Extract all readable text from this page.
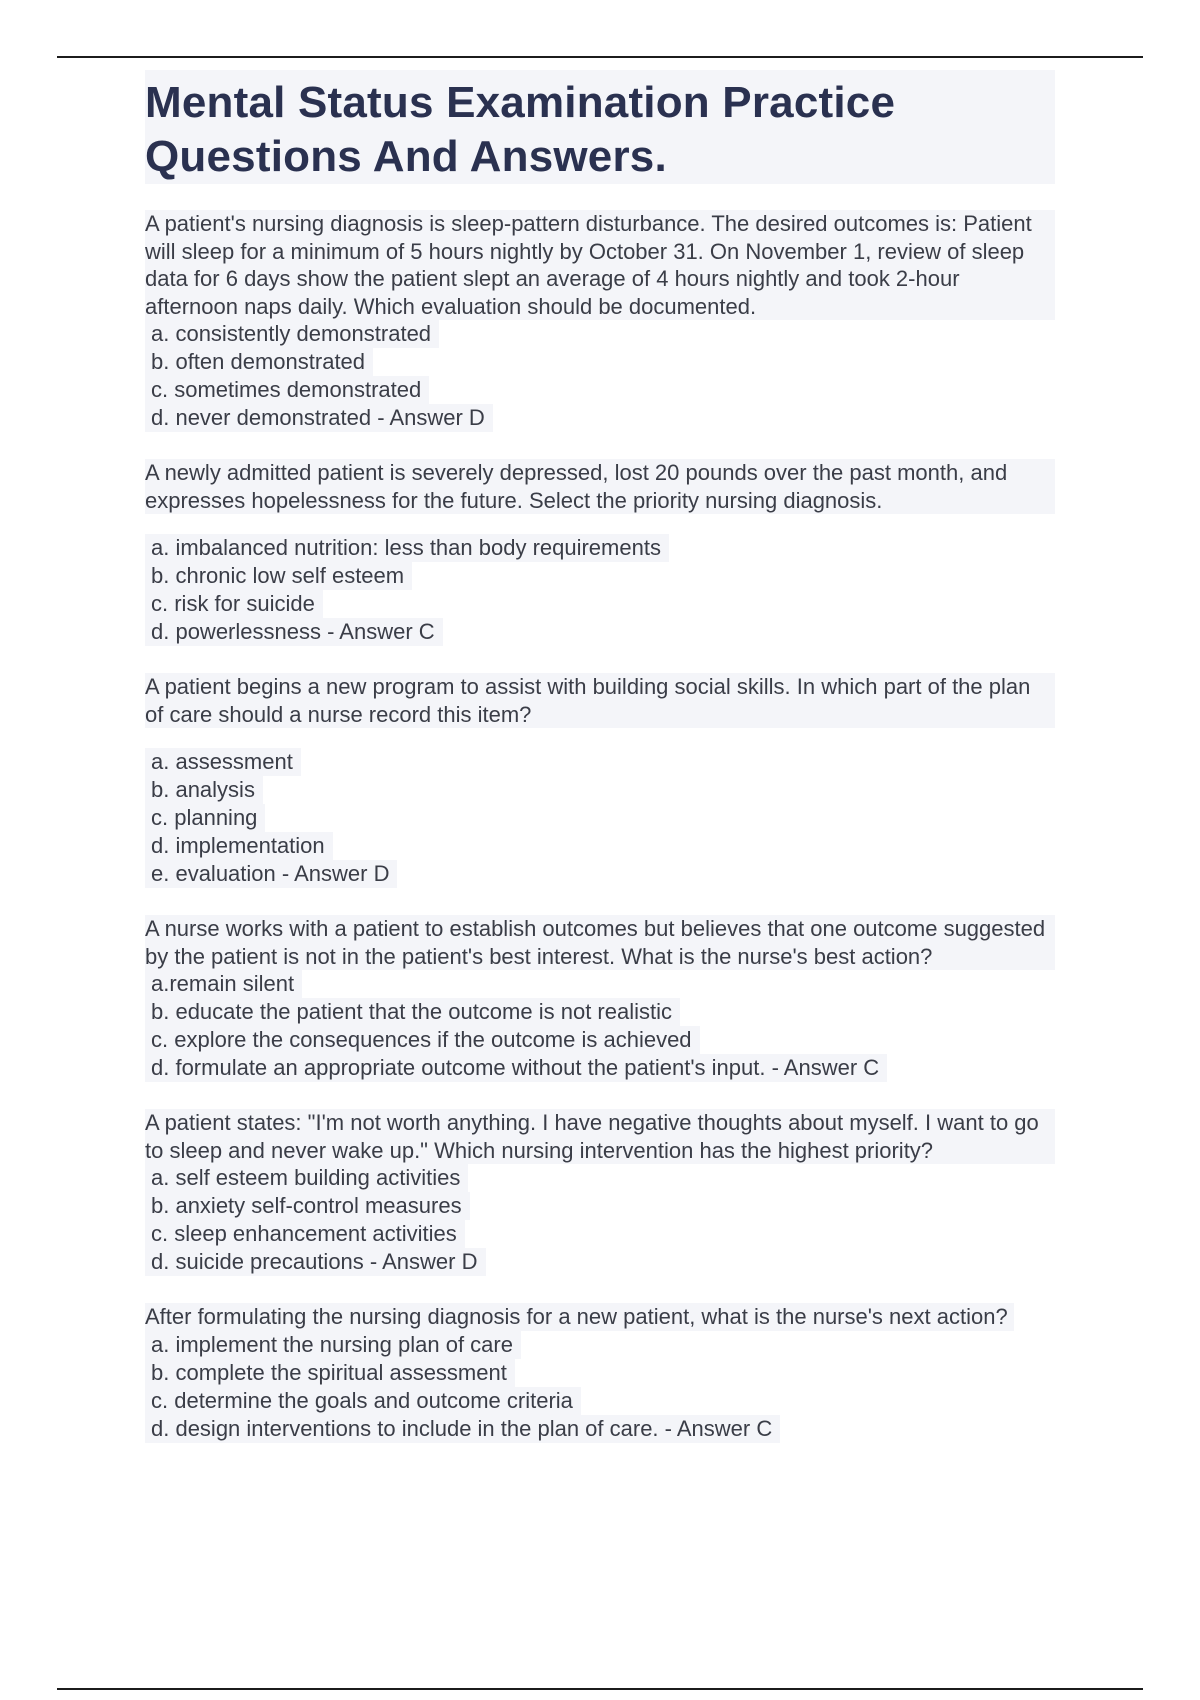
Mental Status Examination Practice
Questions And Answers.
A patient's nursing diagnosis is sleep-pattern disturbance. The desired outcomes is: Patient will sleep for a minimum of 5 hours nightly by October 31. On November 1, review of sleep data for 6 days show the patient slept an average of 4 hours nightly and took 2-hour afternoon naps daily. Which evaluation should be documented.
a. consistently demonstrated
b. often demonstrated
c. sometimes demonstrated
d. never demonstrated - Answer D
A newly admitted patient is severely depressed, lost 20 pounds over the past month, and expresses hopelessness for the future. Select the priority nursing diagnosis.
a. imbalanced nutrition: less than body requirements
b. chronic low self esteem
c. risk for suicide
d. powerlessness - Answer C
A patient begins a new program to assist with building social skills. In which part of the plan of care should a nurse record this item?
a. assessment
b. analysis
c. planning
d. implementation
e. evaluation - Answer D
A nurse works with a patient to establish outcomes but believes that one outcome suggested by the patient is not in the patient's best interest. What is the nurse's best action?
a.remain silent
b. educate the patient that the outcome is not realistic
c. explore the consequences if the outcome is achieved
d. formulate an appropriate outcome without the patient's input. - Answer C
A patient states: "I'm not worth anything. I have negative thoughts about myself. I want to go to sleep and never wake up." Which nursing intervention has the highest priority?
a. self esteem building activities
b. anxiety self-control measures
c. sleep enhancement activities
d. suicide precautions - Answer D
After formulating the nursing diagnosis for a new patient, what is the nurse's next action?
a. implement the nursing plan of care
b. complete the spiritual assessment
c. determine the goals and outcome criteria
d. design interventions to include in the plan of care. - Answer C
